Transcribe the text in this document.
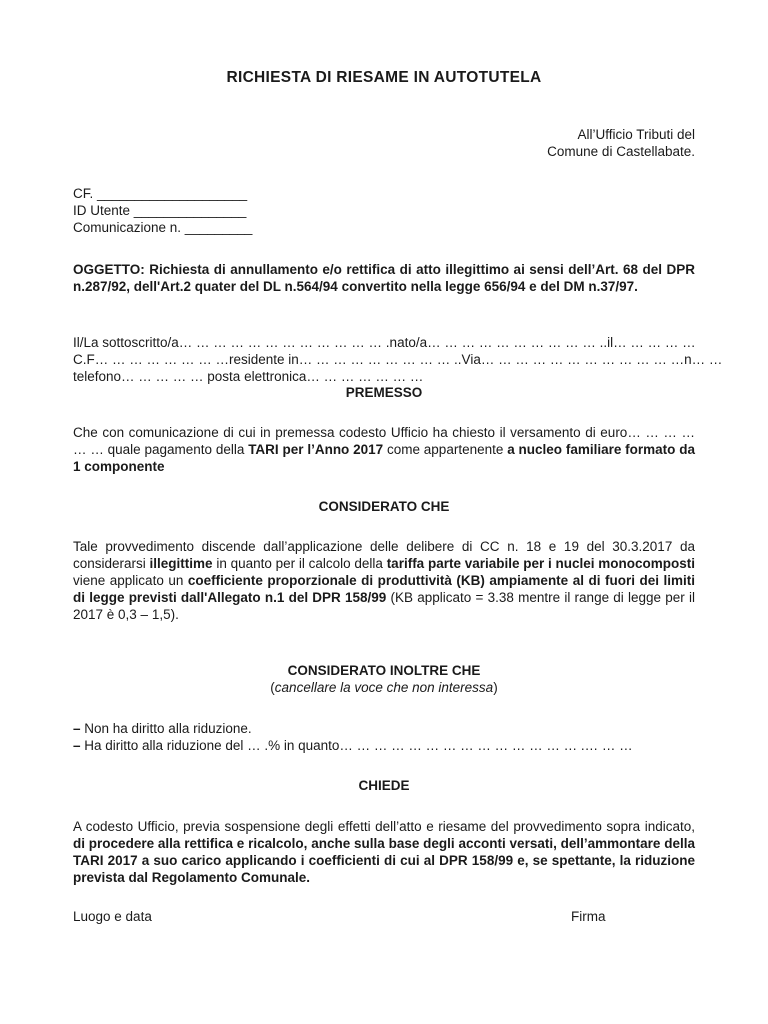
RICHIESTA DI RIESAME IN AUTOTUTELA
All’Ufficio Tributi del
Comune di Castellabate.
CF. ____________________
ID Utente _______________
Comunicazione n. _________
OGGETTO: Richiesta di annullamento e/o rettifica di atto illegittimo ai sensi dell’Art. 68 del DPR n.287/92, dell'Art.2 quater del DL n.564/94 convertito nella legge 656/94 e del DM n.37/97.
Il/La sottoscritto/a… … … … … … … … … … … … .nato/a… … … … … … … … … … ..il… … … … …
C.F… … … … … … … …residente in… … … … … … … … … ..Via… … … … … … … … … … … …n… …
telefono… … … … … posta elettronica… … … … … … …
PREMESSO
Che con comunicazione di cui in premessa codesto Ufficio ha chiesto il versamento di euro… … … … … … quale pagamento della TARI per l’Anno 2017 come appartenente a nucleo familiare formato da 1 componente
CONSIDERATO CHE
Tale provvedimento discende dall’applicazione delle delibere di CC n. 18 e 19 del 30.3.2017 da considerarsi illegittime in quanto per il calcolo della tariffa parte variabile per i nuclei monocomposti viene applicato un coefficiente proporzionale di produttività (KB) ampiamente al di fuori dei limiti di legge previsti dall'Allegato n.1 del DPR 158/99 (KB applicato = 3.38 mentre il range di legge per il 2017 è 0,3 – 1,5).
CONSIDERATO INOLTRE CHE
(cancellare la voce che non interessa)
– Non ha diritto alla riduzione.
– Ha diritto alla riduzione del … .% in quanto… … … … … … … … … … … … … … .… … …
CHIEDE
A codesto Ufficio, previa sospensione degli effetti dell’atto e riesame del provvedimento sopra indicato, di procedere alla rettifica e ricalcolo, anche sulla base degli acconti versati, dell’ammontare della TARI 2017 a suo carico applicando i coefficienti di cui al DPR 158/99 e, se spettante, la riduzione prevista dal Regolamento Comunale.
Luogo e data	Firma
